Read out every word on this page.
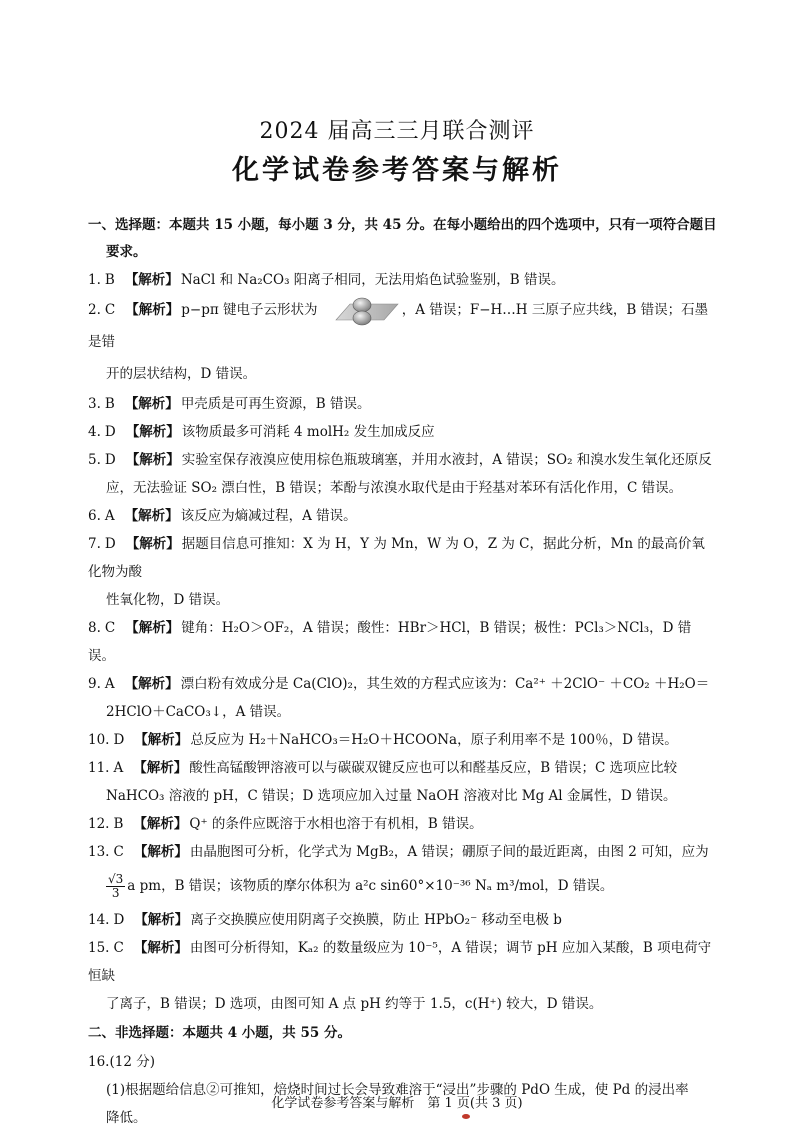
2024 届高三三月联合测评
化学试卷参考答案与解析

一、选择题：本题共 15 小题，每小题 3 分，共 45 分。在每小题给出的四个选项中，只有一项符合题目
要求。

1. B 【解析】 NaCl 和 Na₂CO₃ 阳离子相同，无法用焰色试验鉴别，B 错误。

2. C 【解析】 p−pπ 键电子云形状为	，A 错误；F−H…H 三原子应共线，B 错误；石墨是错
开的层状结构，D 错误。

3. B 【解析】 甲壳质是可再生资源，B 错误。

4. D 【解析】 该物质最多可消耗 4 molH₂ 发生加成反应

5. D 【解析】 实验室保存液溴应使用棕色瓶玻璃塞，并用水液封，A 错误；SO₂ 和溴水发生氧化还原反
应，无法验证 SO₂ 漂白性，B 错误；苯酚与浓溴水取代是由于羟基对苯环有活化作用，C 错误。

6. A 【解析】 该反应为熵减过程，A 错误。

7. D 【解析】 据题目信息可推知：X 为 H，Y 为 Mn，W 为 O，Z 为 C，据此分析，Mn 的最高价氧化物为酸
性氧化物，D 错误。

8. C 【解析】 键角：H₂O＞OF₂，A 错误；酸性：HBr＞HCl，B 错误；极性：PCl₃＞NCl₃，D 错误。

9. A 【解析】 漂白粉有效成分是 Ca(ClO)₂，其生效的方程式应该为：Ca²⁺ ＋2ClO⁻ ＋CO₂ ＋H₂O＝
2HClO＋CaCO₃↓，A 错误。

10. D 【解析】 总反应为 H₂＋NaHCO₃＝H₂O＋HCOONa，原子利用率不是 100％，D 错误。

11. A 【解析】 酸性高锰酸钾溶液可以与碳碳双键反应也可以和醛基反应，B 错误；C 选项应比较
NaHCO₃ 溶液的 pH，C 错误；D 选项应加入过量 NaOH 溶液对比 Mg Al 金属性，D 错误。

12. B 【解析】 Q⁺ 的条件应既溶于水相也溶于有机相，B 错误。

13. C 【解析】 由晶胞图可分析，化学式为 MgB₂，A 错误；硼原子间的最近距离，由图 2 可知，应为

$\frac{√3}{3}$ a pm，B 错误；该物质的摩尔体积为 a²c sin60°×10⁻³⁶ Nₐ m³/mol，D 错误。

14. D 【解析】 离子交换膜应使用阴离子交换膜，防止 HPbO₂⁻ 移动至电极 b

15. C 【解析】 由图可分析得知，Kₐ₂ 的数量级应为 10⁻⁵，A 错误；调节 pH 应加入某酸，B 项电荷守恒缺
了离子，B 错误；D 选项，由图可知 A 点 pH 约等于 1.5，c(H⁺) 较大，D 错误。

二、非选择题：本题共 4 小题，共 55 分。

16.(12 分)

(1)根据题给信息②可推知，焙烧时间过长会导致难溶于“浸出”步骤的 PdO 生成，使 Pd 的浸出率
降低。

化学试卷参考答案与解析　第 1 页(共 3 页)
